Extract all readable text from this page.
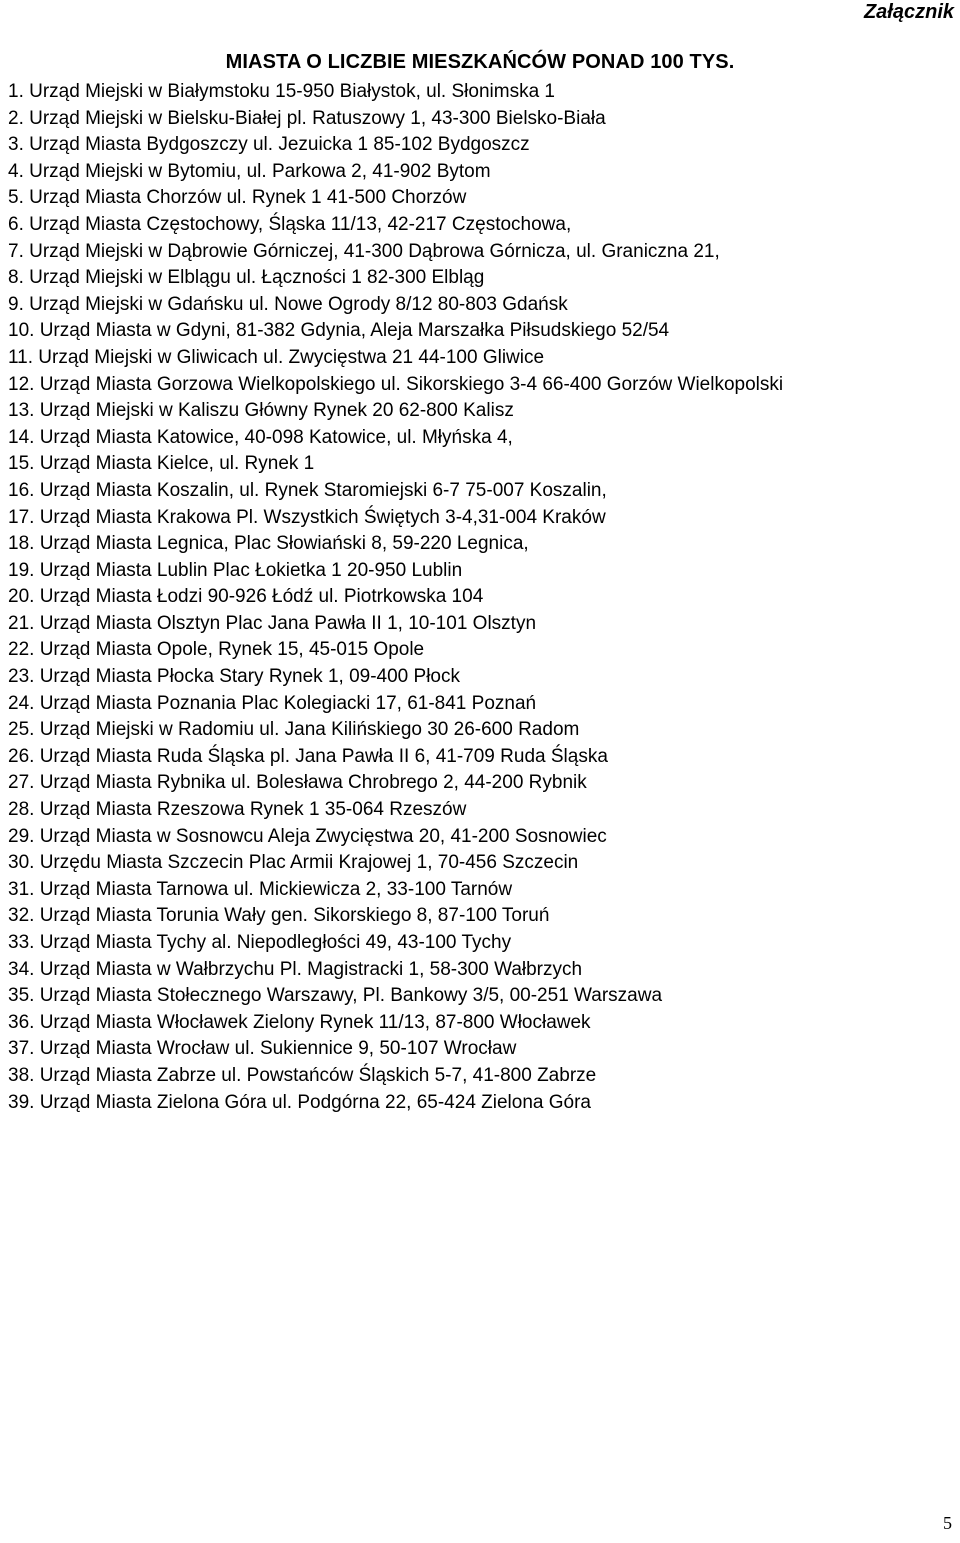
Załącznik
MIASTA O LICZBIE MIESZKAŃCÓW PONAD 100 TYS.
1. Urząd Miejski w Białymstoku 15-950 Białystok, ul. Słonimska 1
2. Urząd Miejski w Bielsku-Białej pl. Ratuszowy 1, 43-300 Bielsko-Biała
3. Urząd Miasta Bydgoszczy ul. Jezuicka 1 85-102 Bydgoszcz
4. Urząd Miejski w Bytomiu, ul. Parkowa 2, 41-902 Bytom
5. Urząd Miasta Chorzów ul. Rynek 1 41-500 Chorzów
6. Urząd Miasta Częstochowy, Śląska 11/13, 42-217 Częstochowa,
7. Urząd Miejski w Dąbrowie Górniczej, 41-300 Dąbrowa Górnicza, ul. Graniczna 21,
8. Urząd Miejski w Elblągu ul. Łączności 1 82-300 Elbląg
9. Urząd Miejski w Gdańsku ul. Nowe Ogrody 8/12 80-803 Gdańsk
10. Urząd Miasta w Gdyni, 81-382 Gdynia, Aleja Marszałka Piłsudskiego 52/54
11. Urząd Miejski w Gliwicach ul. Zwycięstwa 21 44-100 Gliwice
12. Urząd Miasta Gorzowa Wielkopolskiego ul. Sikorskiego 3-4 66-400 Gorzów Wielkopolski
13. Urząd Miejski w Kaliszu Główny Rynek 20 62-800 Kalisz
14. Urząd Miasta Katowice, 40-098 Katowice, ul. Młyńska 4,
15. Urząd Miasta Kielce, ul. Rynek 1
16. Urząd Miasta Koszalin, ul. Rynek Staromiejski 6-7 75-007 Koszalin,
17. Urząd Miasta Krakowa Pl. Wszystkich Świętych 3-4,31-004 Kraków
18. Urząd Miasta Legnica, Plac Słowiański 8, 59-220 Legnica,
19. Urząd Miasta Lublin Plac Łokietka 1 20-950 Lublin
20. Urząd Miasta Łodzi 90-926 Łódź ul. Piotrkowska 104
21. Urząd Miasta Olsztyn Plac Jana Pawła II 1, 10-101 Olsztyn
22. Urząd Miasta Opole, Rynek 15, 45-015 Opole
23. Urząd Miasta Płocka Stary Rynek 1, 09-400 Płock
24. Urząd Miasta Poznania Plac Kolegiacki 17, 61-841 Poznań
25. Urząd Miejski w Radomiu ul. Jana Kilińskiego 30 26-600 Radom
26. Urząd Miasta Ruda Śląska pl. Jana Pawła II 6, 41-709 Ruda Śląska
27. Urząd Miasta Rybnika ul. Bolesława Chrobrego 2, 44-200 Rybnik
28. Urząd Miasta Rzeszowa Rynek 1 35-064 Rzeszów
29. Urząd Miasta w Sosnowcu Aleja Zwycięstwa 20, 41-200 Sosnowiec
30. Urzędu Miasta Szczecin Plac Armii Krajowej 1, 70-456 Szczecin
31. Urząd Miasta Tarnowa ul. Mickiewicza 2, 33-100 Tarnów
32. Urząd Miasta Torunia Wały gen. Sikorskiego 8, 87-100 Toruń
33. Urząd Miasta Tychy al. Niepodległości 49, 43-100 Tychy
34. Urząd Miasta w Wałbrzychu Pl. Magistracki 1, 58-300 Wałbrzych
35. Urząd Miasta Stołecznego Warszawy, Pl. Bankowy 3/5, 00-251 Warszawa
36. Urząd Miasta Włocławek Zielony Rynek 11/13, 87-800 Włocławek
37. Urząd Miasta Wrocław ul. Sukiennice 9, 50-107 Wrocław
38. Urząd Miasta Zabrze ul. Powstańców Śląskich 5-7, 41-800 Zabrze
39. Urząd Miasta Zielona Góra ul. Podgórna 22, 65-424 Zielona Góra
5
